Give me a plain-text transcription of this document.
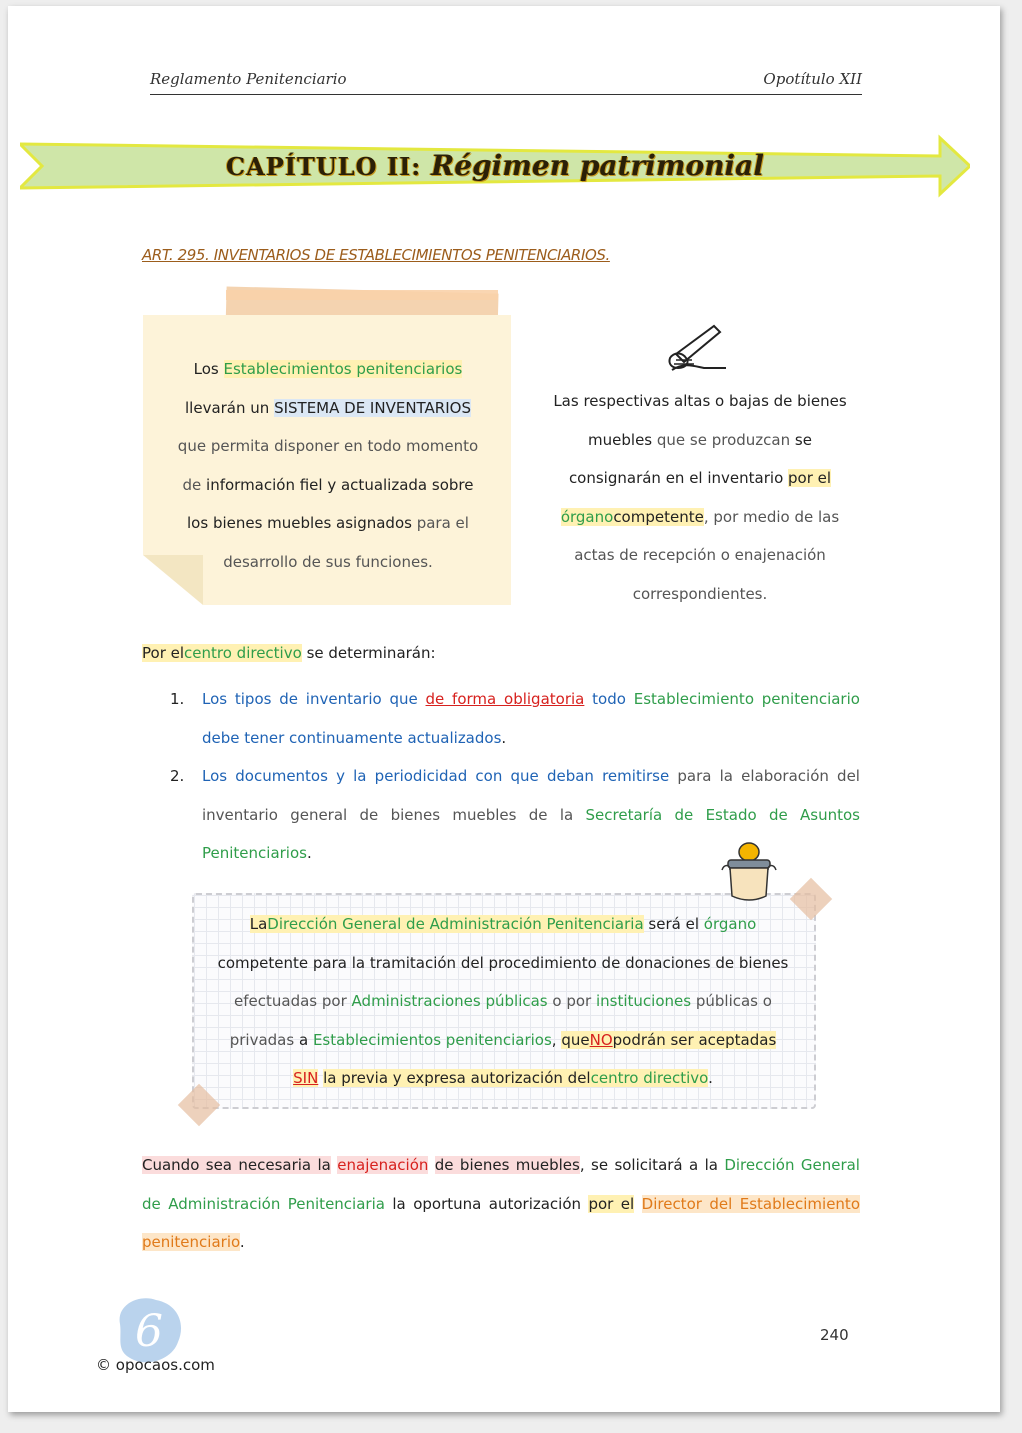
Reglamento Penitenciario	Opotítulo XII
CAPÍTULO II: Régimen patrimonial
ART. 295. INVENTARIOS DE ESTABLECIMIENTOS PENITENCIARIOS.
Los Establecimientos penitenciarios
llevarán un SISTEMA DE INVENTARIOS
que permita disponer en todo momento
de información fiel y actualizada sobre
los bienes muebles asignados para el
desarrollo de sus funciones.
Las respectivas altas o bajas de bienes
muebles que se produzcan se
consignarán en el inventario por el
órganocompetente, por medio de las
actas de recepción o enajenación
correspondientes.
Por elcentro directivo se determinarán:
1. Los tipos de inventario que de forma obligatoria todo Establecimiento penitenciario debe tener continuamente actualizados.
2. Los documentos y la periodicidad con que deban remitirse para la elaboración del inventario general de bienes muebles de la Secretaría de Estado de Asuntos Penitenciarios.
LaDirección General de Administración Penitenciaria será el órgano
competente para la tramitación del procedimiento de donaciones de bienes
efectuadas por Administraciones públicas o por instituciones públicas o
privadas a Establecimientos penitenciarios, queNOpodrán ser aceptadas
SIN la previa y expresa autorización delcentro directivo.
Cuando sea necesaria la enajenación de bienes muebles, se solicitará a la Dirección General de Administración Penitenciaria la oportuna autorización por el Director del Establecimiento penitenciario.
6
© opocaos.com
240
